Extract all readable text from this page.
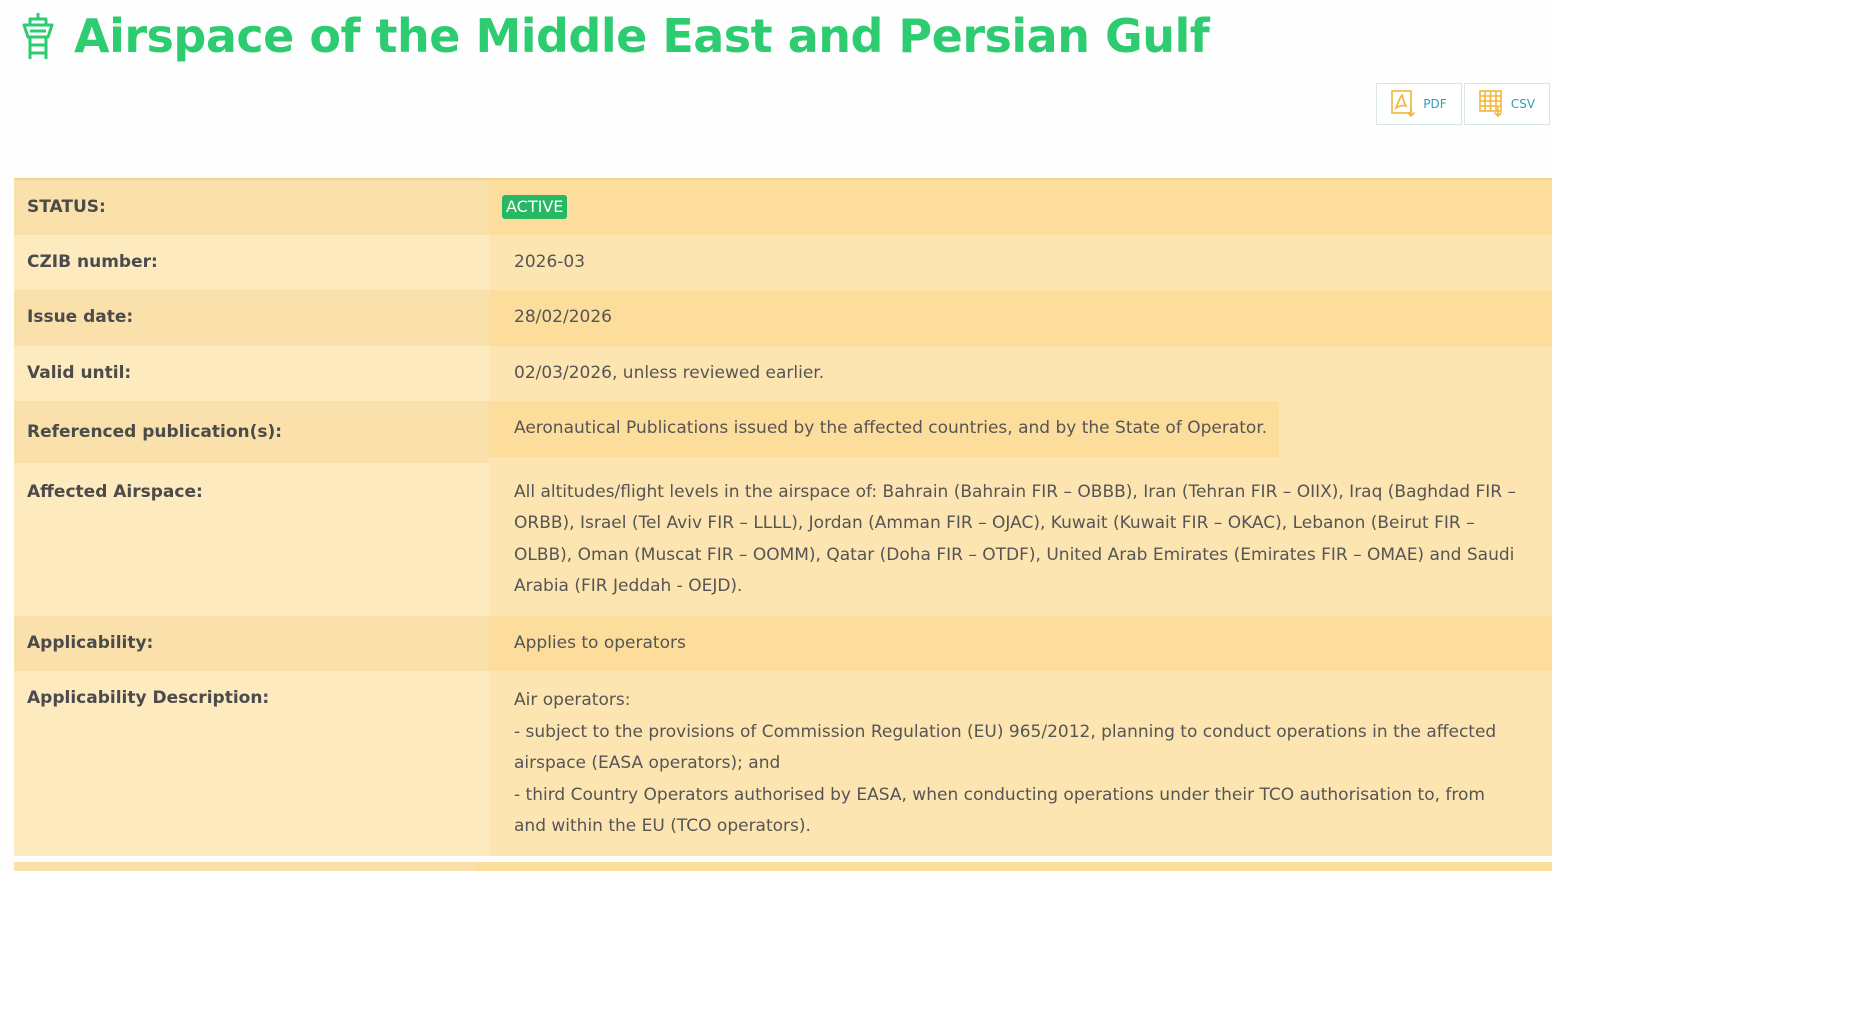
Airspace of the Middle East and Persian Gulf
PDF	CSV
STATUS:	ACTIVE

CZIB number:	2026-03

Issue date:	28/02/2026

Valid until:	02/03/2026, unless reviewed earlier.

Referenced publication(s):	Aeronautical Publications issued by the affected countries, and by the State of Operator.

Affected Airspace:	All altitudes/flight levels in the airspace of: Bahrain (Bahrain FIR – OBBB), Iran (Tehran FIR – OIIX), Iraq (Baghdad FIR – ORBB), Israel (Tel Aviv FIR – LLLL), Jordan (Amman FIR – OJAC), Kuwait (Kuwait FIR – OKAC), Lebanon (Beirut FIR – OLBB), Oman (Muscat FIR – OOMM), Qatar (Doha FIR – OTDF), United Arab Emirates (Emirates FIR – OMAE) and Saudi Arabia (FIR Jeddah - OEJD).

Applicability:	Applies to operators

Applicability Description:	Air operators:
- subject to the provisions of Commission Regulation (EU) 965/2012, planning to conduct operations in the affected airspace (EASA operators); and
- third Country Operators authorised by EASA, when conducting operations under their TCO authorisation to, from and within the EU (TCO operators).
